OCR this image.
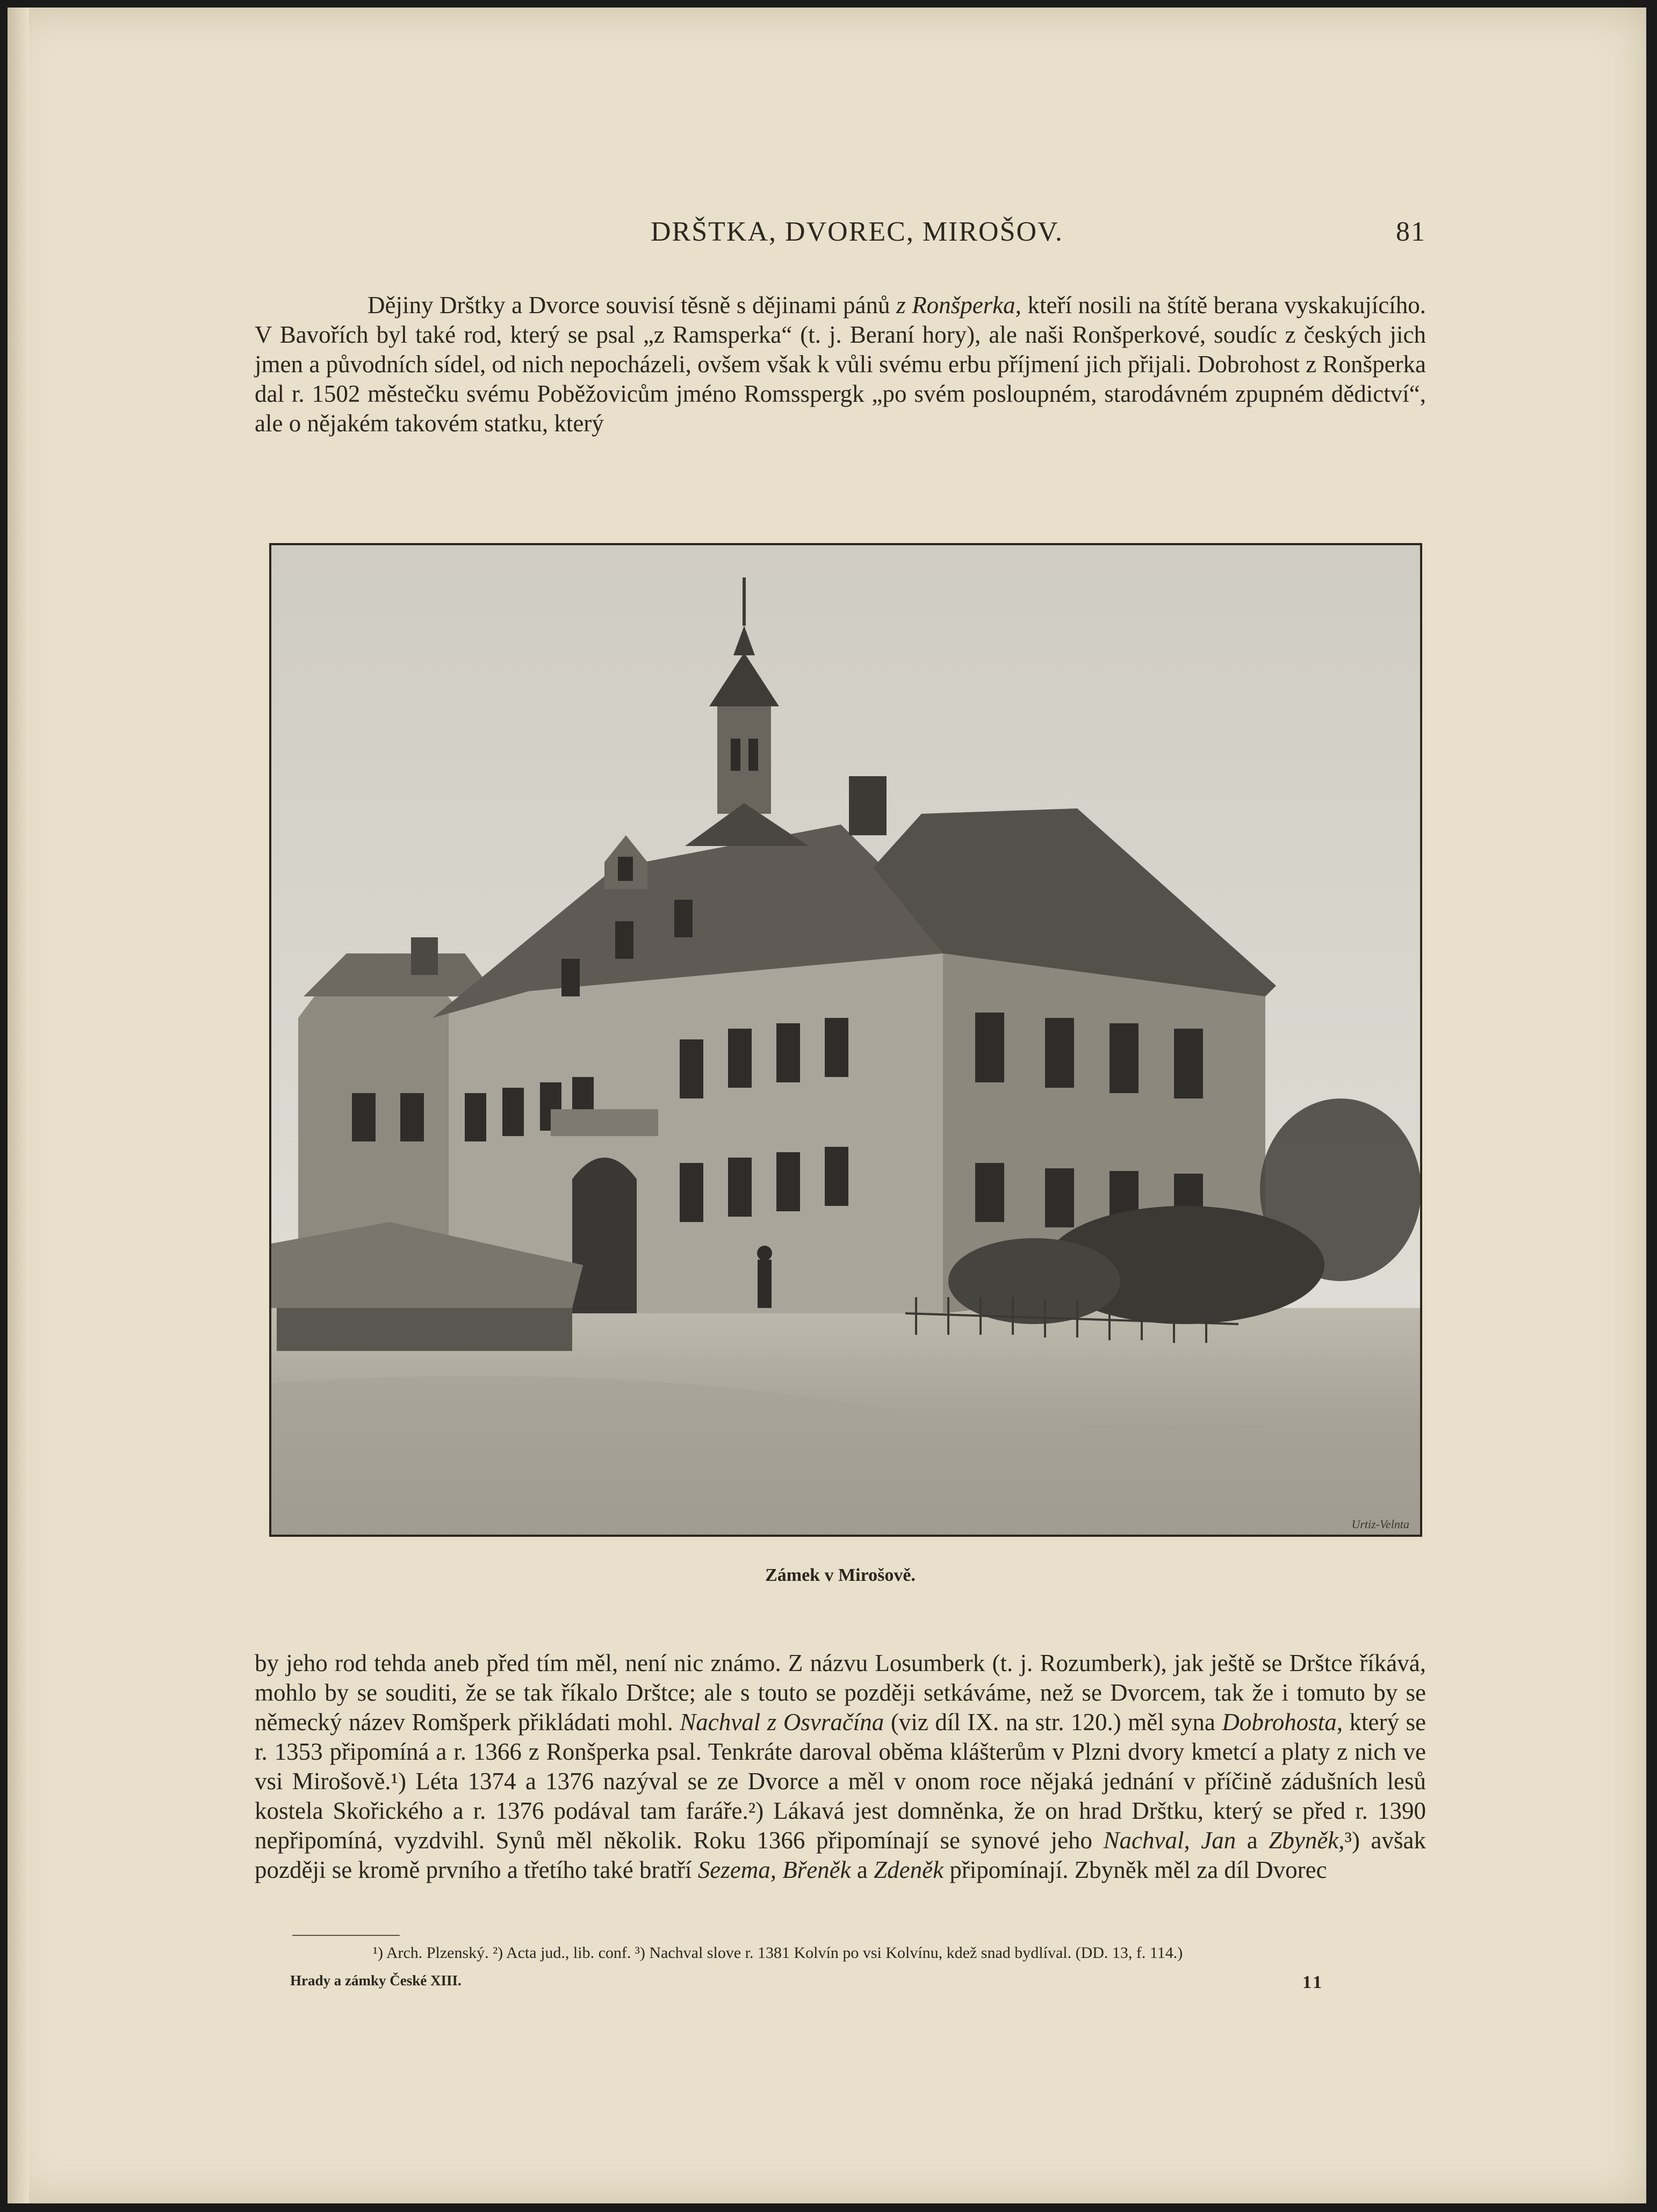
DRŠTKA, DVOREC, MIROŠOV.	81

Dějiny Drštky a Dvorce souvisí těsně s dějinami pánů z Ronšperka, kteří nosili na štítě berana vyskakujícího. V Bavořích byl také rod, který se psal „z Ramsperka“ (t. j. Beraní hory), ale naši Ronšperkové, soudíc z českých jich jmen a původních sídel, od nich nepocházeli, ovšem však k vůli svému erbu příjmení jich přijali. Dobrohost z Ronšperka dal r. 1502 městečku svému Poběžovicům jméno Romsspergk „po svém posloupném, starodávném zpupném dědictví“, ale o nějakém takovém statku, který

Urtiz-Velnta
Zámek v Mirošově.

by jeho rod tehda aneb před tím měl, není nic známo. Z názvu Losumberk (t. j. Rozumberk), jak ještě se Drštce říkává, mohlo by se souditi, že se tak říkalo Drštce; ale s touto se později setkáváme, než se Dvorcem, tak že i tomuto by se německý název Romšperk přikládati mohl. Nachval z Osvračína (viz díl IX. na str. 120.) měl syna Dobrohosta, který se r. 1353 připomíná a r. 1366 z Ronšperka psal. Tenkráte daroval oběma klášterům v Plzni dvory kmetcí a platy z nich ve vsi Mirošově.¹) Léta 1374 a 1376 nazýval se ze Dvorce a měl v onom roce nějaká jednání v příčině zádušních lesů kostela Skořického a r. 1376 podával tam faráře.²) Lákavá jest domněnka, že on hrad Drštku, který se před r. 1390 nepřipomíná, vyzdvihl. Synů měl několik. Roku 1366 připomínají se synové jeho Nachval, Jan a Zbyněk,³) avšak později se kromě prvního a třetího také bratří Sezema, Břeněk a Zdeněk připomínají. Zbyněk měl za díl Dvorec

¹) Arch. Plzenský. ²) Acta jud., lib. conf. ³) Nachval slove r. 1381 Kolvín po vsi Kolvínu, kdež snad bydlíval. (DD. 13, f. 114.)
Hrady a zámky České XIII.	11
